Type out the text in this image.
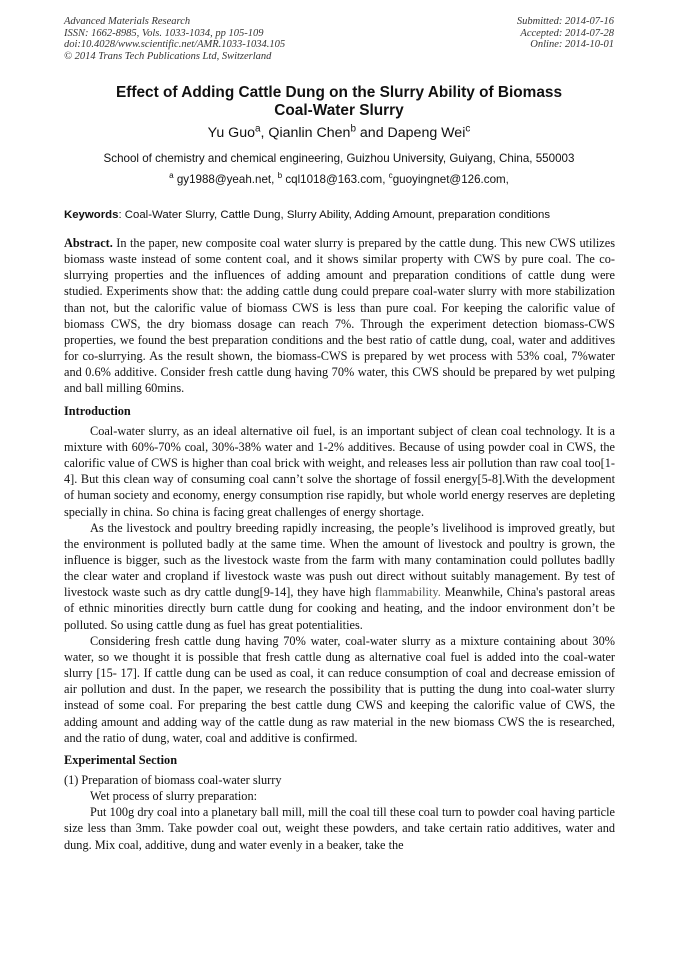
Advanced Materials Research
ISSN: 1662-8985, Vols. 1033-1034, pp 105-109
doi:10.4028/www.scientific.net/AMR.1033-1034.105
© 2014 Trans Tech Publications Ltd, Switzerland
Submitted: 2014-07-16
Accepted: 2014-07-28
Online: 2014-10-01
Effect of Adding Cattle Dung on the Slurry Ability of Biomass
Coal-Water Slurry
Yu Guo$^a$, Qianlin Chen$^b$ and Dapeng Wei$^c$
School of chemistry and chemical engineering, Guizhou University, Guiyang, China, 550003
$^a$ gy1988@yeah.net, $^b$ cql1018@163.com, $^c$guoyingnet@126.com,
Keywords: Coal-Water Slurry, Cattle Dung, Slurry Ability, Adding Amount, preparation conditions

Abstract. In the paper, new composite coal water slurry is prepared by the cattle dung. This new CWS utilizes biomass waste instead of some content coal, and it shows similar property with CWS by pure coal. The co-slurrying properties and the influences of adding amount and preparation conditions of cattle dung were studied. Experiments show that: the adding cattle dung could prepare coal-water slurry with more stabilization than not, but the calorific value of biomass CWS is less than pure coal. For keeping the calorific value of biomass CWS, the dry biomass dosage can reach 7%. Through the experiment detection biomass-CWS properties, we found the best preparation conditions and the best ratio of cattle dung, coal, water and additives for co-slurrying. As the result shown, the biomass-CWS is prepared by wet process with 53% coal, 7%water and 0.6% additive. Consider fresh cattle dung having 70% water, this CWS should be prepared by wet pulping and ball milling 60mins.

Introduction

Coal-water slurry, as an ideal alternative oil fuel, is an important subject of clean coal technology. It is a mixture with 60%-70% coal, 30%-38% water and 1-2% additives. Because of using powder coal in CWS, the calorific value of CWS is higher than coal brick with weight, and releases less air pollution than raw coal too[1-4]. But this clean way of consuming coal cann’t solve the shortage of fossil energy[5-8].With the development of human society and economy, energy consumption rise rapidly, but whole world energy reserves are depleting specially in china. So china is facing great challenges of energy shortage.

As the livestock and poultry breeding rapidly increasing, the people’s livelihood is improved greatly, but the environment is polluted badly at the same time. When the amount of livestock and poultry is grown, the influence is bigger, such as the livestock waste from the farm with many contamination could pollutes badlly the clear water and cropland if livestock waste was push out direct without suitably management. By test of livestock waste such as dry cattle dung[9-14], they have high flammability. Meanwhile, China's pastoral areas of ethnic minorities directly burn cattle dung for cooking and heating, and the indoor environment don’t be polluted. So using cattle dung as fuel has great potentialities.

Considering fresh cattle dung having 70% water, coal-water slurry as a mixture containing about 30% water, so we thought it is possible that fresh cattle dung as alternative coal fuel is added into the coal-water slurry [15- 17]. If cattle dung can be used as coal, it can reduce consumption of coal and decrease emission of air pollution and dust. In the paper, we research the possibility that is putting the dung into coal-water slurry instead of some coal. For preparing the best cattle dung CWS and keeping the calorific value of CWS, the adding amount and adding way of the cattle dung as raw material in the new biomass CWS the is researched, and the ratio of dung, water, coal and additive is confirmed.

Experimental Section

(1) Preparation of biomass coal-water slurry

Wet process of slurry preparation:

Put 100g dry coal into a planetary ball mill, mill the coal till these coal turn to powder coal having particle size less than 3mm. Take powder coal out, weight these powders, and take certain ratio additives, water and dung. Mix coal, additive, dung and water evenly in a beaker, take the
